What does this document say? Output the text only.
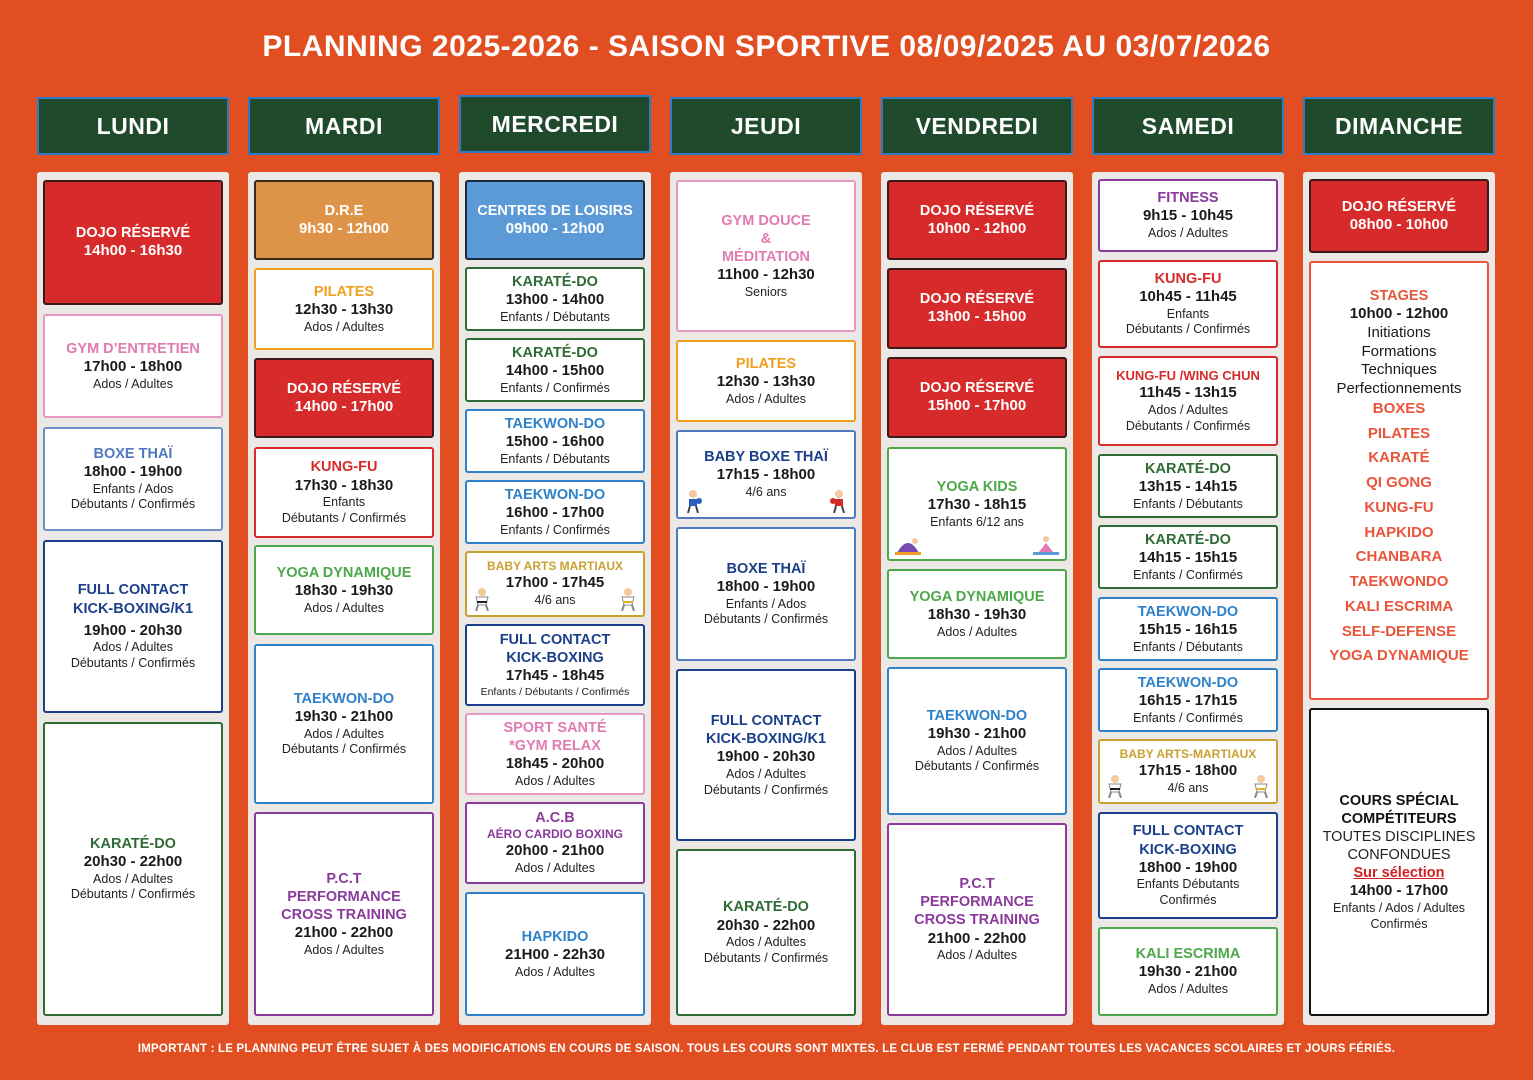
PLANNING 2025-2026 - SAISON SPORTIVE 08/09/2025 AU 03/07/2026
LUNDI
DOJO RÉSERVÉ
14h00 - 16h30
GYM D’ENTRETIEN
17h00 - 18h00
Ados / Adultes
BOXE THAÏ
18h00 - 19h00
Enfants / Ados
Débutants / Confirmés
FULL CONTACT
KICK-BOXING/K1
19h00 - 20h30
Ados / Adultes
Débutants / Confirmés
KARATÉ-DO
20h30 - 22h00
Ados / Adultes
Débutants / Confirmés
MARDI
D.R.E
9h30 - 12h00
PILATES
12h30 - 13h30
Ados / Adultes
DOJO RÉSERVÉ
14h00 - 17h00
KUNG-FU
17h30 - 18h30
Enfants
Débutants / Confirmés
YOGA DYNAMIQUE
18h30 - 19h30
Ados / Adultes
TAEKWON-DO
19h30 - 21h00
Ados / Adultes
Débutants / Confirmés
P.C.T
PERFORMANCE
CROSS TRAINING
21h00 - 22h00
Ados / Adultes
MERCREDI
CENTRES DE LOISIRS
09h00 - 12h00
KARATÉ-DO
13h00 - 14h00
Enfants / Débutants
KARATÉ-DO
14h00 - 15h00
Enfants / Confirmés
TAEKWON-DO
15h00 - 16h00
Enfants / Débutants
TAEKWON-DO
16h00 - 17h00
Enfants / Confirmés
BABY ARTS MARTIAUX
17h00 - 17h45
4/6 ans
FULL CONTACT
KICK-BOXING
17h45 - 18h45
Enfants / Débutants / Confirmés
SPORT SANTÉ
*GYM RELAX
18h45 - 20h00
Ados / Adultes
A.C.B
AÉRO CARDIO BOXING
20h00 - 21h00
Ados / Adultes
HAPKIDO
21H00 - 22h30
Ados / Adultes
JEUDI
GYM DOUCE
&
MÉDITATION
11h00 - 12h30
Seniors
PILATES
12h30 - 13h30
Ados / Adultes
BABY BOXE THAÏ
17h15 - 18h00
4/6 ans
BOXE THAÏ
18h00 - 19h00
Enfants / Ados
Débutants / Confirmés
FULL CONTACT
KICK-BOXING/K1
19h00 - 20h30
Ados / Adultes
Débutants / Confirmés
KARATÉ-DO
20h30 - 22h00
Ados / Adultes
Débutants / Confirmés
VENDREDI
DOJO RÉSERVÉ
10h00 - 12h00
DOJO RÉSERVÉ
13h00 - 15h00
DOJO RÉSERVÉ
15h00 - 17h00
YOGA KIDS
17h30 - 18h15
Enfants 6/12 ans
YOGA DYNAMIQUE
18h30 - 19h30
Ados / Adultes
TAEKWON-DO
19h30 - 21h00
Ados / Adultes
Débutants / Confirmés
P.C.T
PERFORMANCE
CROSS TRAINING
21h00 - 22h00
Ados / Adultes
SAMEDI
FITNESS
9h15 - 10h45
Ados / Adultes
KUNG-FU
10h45 - 11h45
Enfants
Débutants / Confirmés
KUNG-FU /WING CHUN
11h45 - 13h15
Ados / Adultes
Débutants / Confirmés
KARATÉ-DO
13h15 - 14h15
Enfants / Débutants
KARATÉ-DO
14h15 - 15h15
Enfants / Confirmés
TAEKWON-DO
15h15 - 16h15
Enfants / Débutants
TAEKWON-DO
16h15 - 17h15
Enfants / Confirmés
BABY ARTS-MARTIAUX
17h15 - 18h00
4/6 ans
FULL CONTACT
KICK-BOXING
18h00 - 19h00
Enfants Débutants
Confirmés
KALI ESCRIMA
19h30 - 21h00
Ados / Adultes
DIMANCHE
DOJO RÉSERVÉ
08h00 - 10h00
STAGES
10h00 - 12h00
Initiations
Formations
Techniques
Perfectionnements
BOXES
PILATES
KARATÉ
QI GONG
KUNG-FU
HAPKIDO
CHANBARA
TAEKWONDO
KALI ESCRIMA
SELF-DEFENSE
YOGA DYNAMIQUE
COURS SPÉCIAL
COMPÉTITEURS
TOUTES DISCIPLINES
CONFONDUES
Sur sélection
14h00 - 17h00
Enfants / Ados / Adultes
Confirmés
IMPORTANT : LE PLANNING PEUT ÊTRE SUJET À DES MODIFICATIONS EN COURS DE SAISON. TOUS LES COURS SONT MIXTES. LE CLUB EST FERMÉ PENDANT TOUTES LES VACANCES SCOLAIRES ET JOURS FÉRIÉS.
